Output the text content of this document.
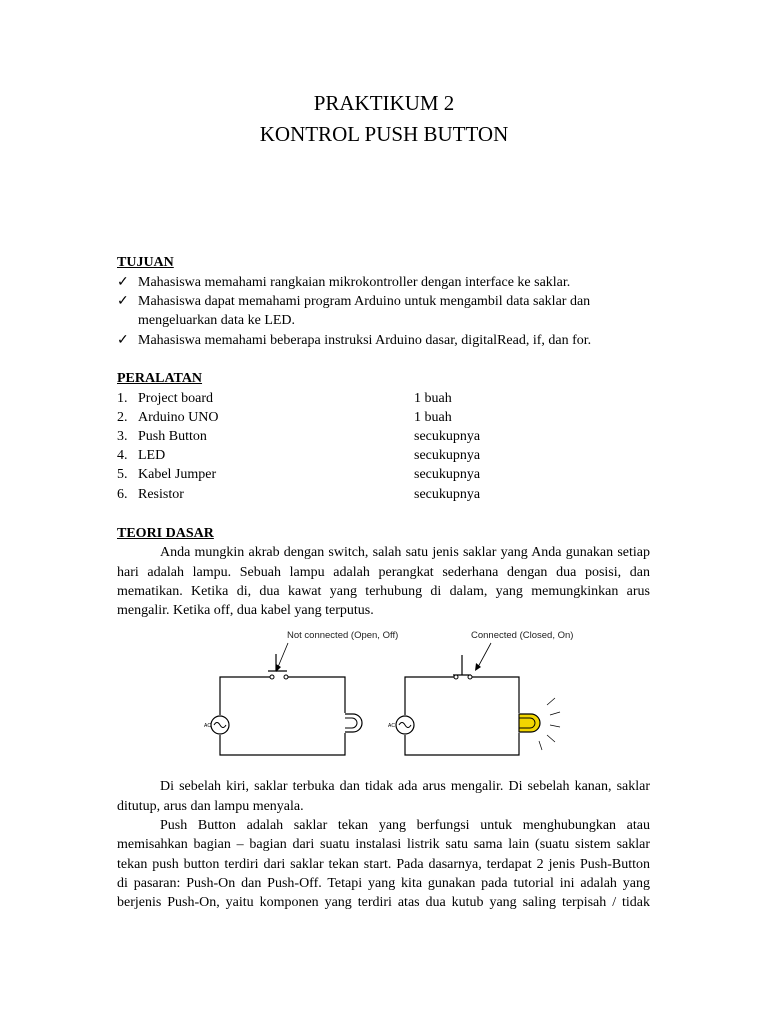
PRAKTIKUM 2
KONTROL PUSH BUTTON
TUJUAN
✓ Mahasiswa memahami rangkaian mikrokontroller dengan interface ke saklar.
✓ Mahasiswa dapat memahami program Arduino untuk mengambil data saklar dan
mengeluarkan data ke LED.
✓ Mahasiswa memahami beberapa instruksi Arduino dasar, digitalRead, if, dan for.
PERALATAN
1. Project board	1 buah
2. Arduino UNO	1 buah
3. Push Button	secukupnya
4. LED	secukupnya
5. Kabel Jumper	secukupnya
6. Resistor	secukupnya
TEORI DASAR
Anda mungkin akrab dengan switch, salah satu jenis saklar yang Anda gunakan setiap
hari adalah lampu. Sebuah lampu adalah perangkat sederhana dengan dua posisi, dan
mematikan. Ketika di, dua kawat yang terhubung di dalam, yang memungkinkan arus
mengalir. Ketika off, dua kabel yang terputus.
Not connected (Open, Off)
AC
Connected (Closed, On)
AC
Di sebelah kiri, saklar terbuka dan tidak ada arus mengalir. Di sebelah kanan, saklar
ditutup, arus dan lampu menyala.
Push Button adalah saklar tekan yang berfungsi untuk menghubungkan atau
memisahkan bagian – bagian dari suatu instalasi listrik satu sama lain (suatu sistem saklar
tekan push button terdiri dari saklar tekan start. Pada dasarnya, terdapat 2 jenis Push-Button
di pasaran: Push-On dan Push-Off. Tetapi yang kita gunakan pada tutorial ini adalah yang
berjenis Push-On, yaitu komponen yang terdiri atas dua kutub yang saling terpisah / tidak
